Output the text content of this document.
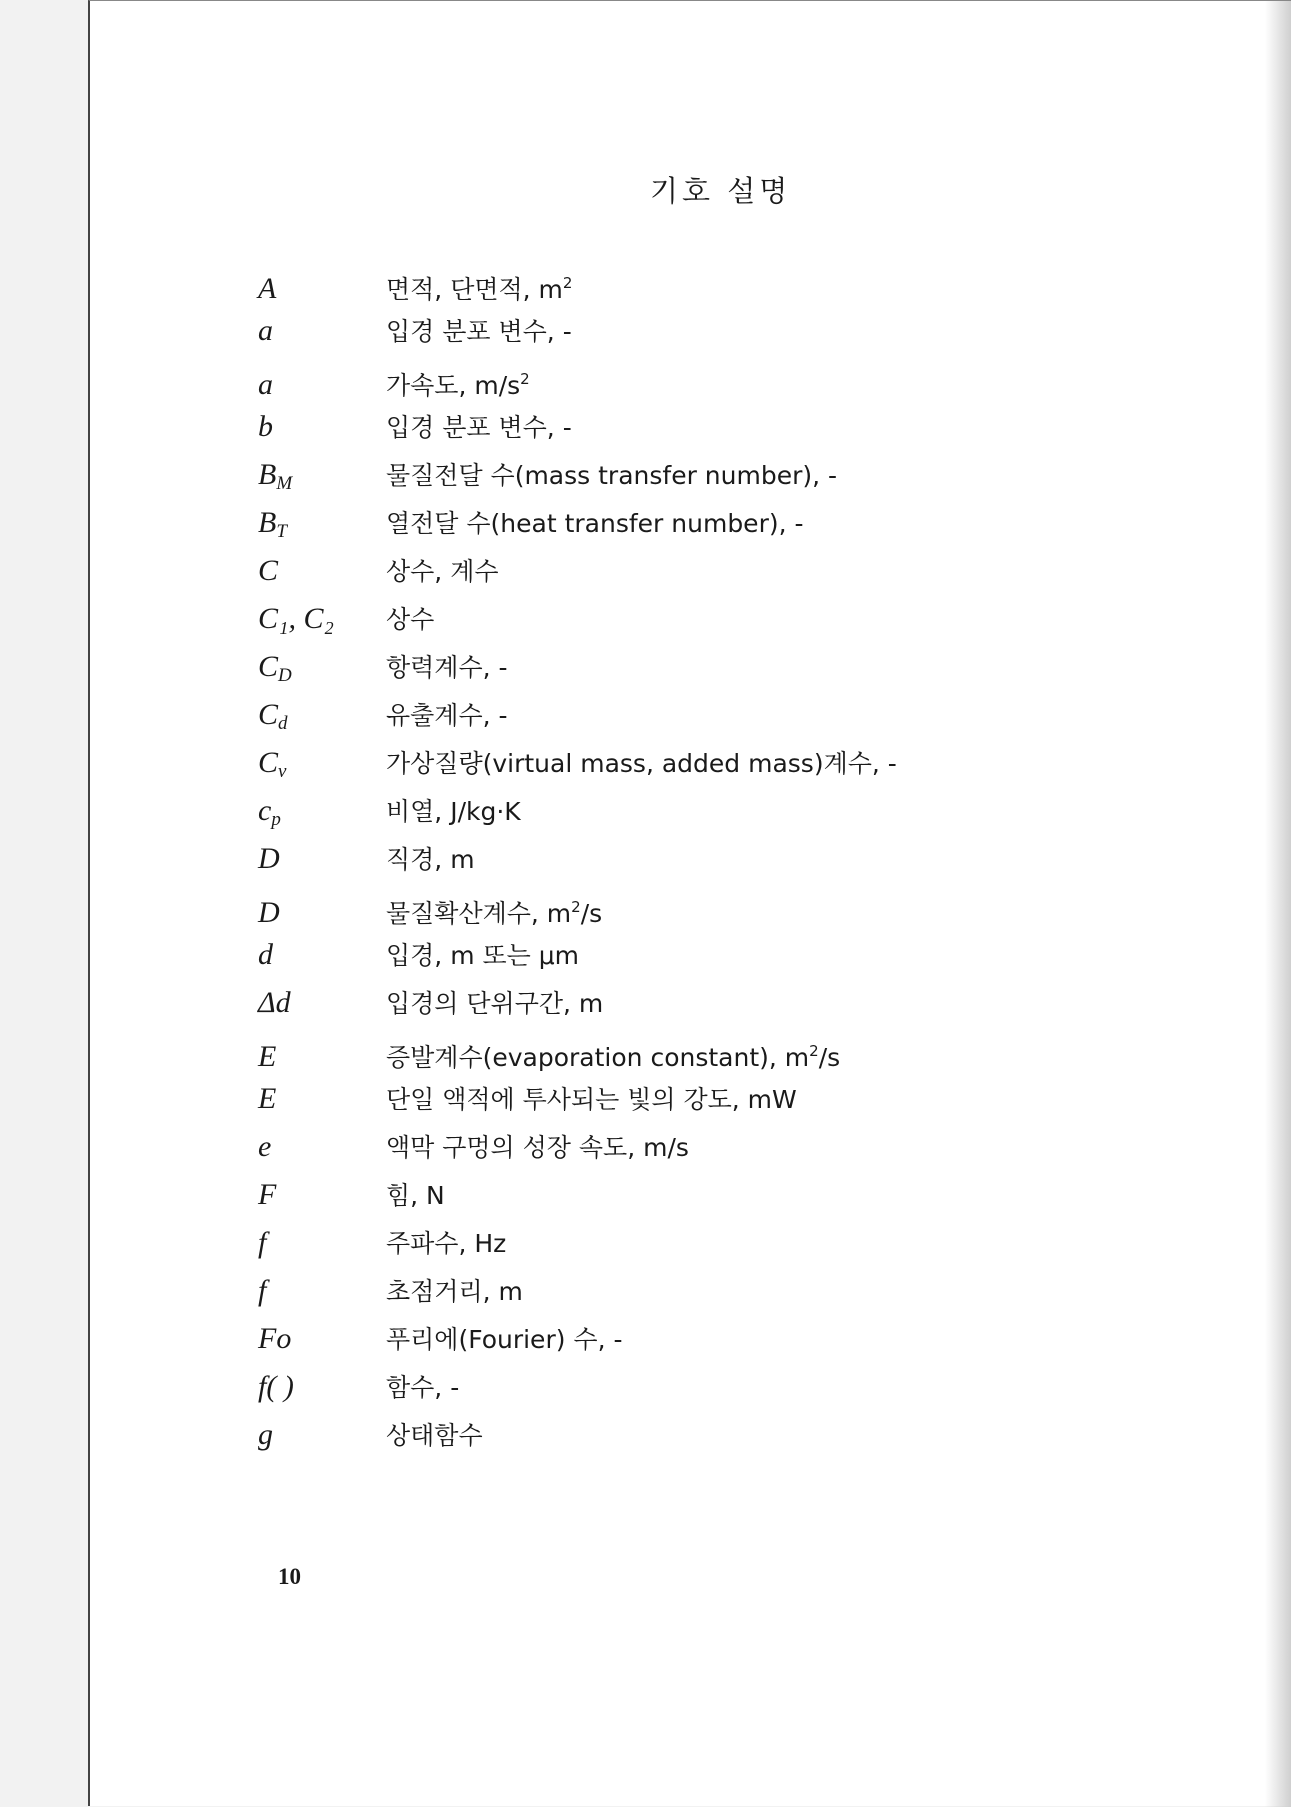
기호 설명
A	면적, 단면적, $m^2$
a	입경 분포 변수, -
a	가속도, $m/s^2$
b	입경 분포 변수, -
$B_M$	물질전달 수(mass transfer number), -
$B_T$	열전달 수(heat transfer number), -
C	상수, 계수
C₁, C₂	상수
$C_D$	항력계수, -
$C_d$	유출계수, -
$C_v$	가상질량(virtual mass, added mass)계수, -
$c_p$	비열, J/kg·K
D	직경, m
D	물질확산계수, $m^2/s$
d	입경, m 또는 μm
Δd	입경의 단위구간, m
E	증발계수(evaporation constant), $m^2/s$
E	단일 액적에 투사되는 빛의 강도, mW
e	액막 구멍의 성장 속도, m/s
F	힘, N
f	주파수, Hz
f	초점거리, m
Fo	푸리에(Fourier) 수, -
f( )	함수, -
g	상태함수
10
